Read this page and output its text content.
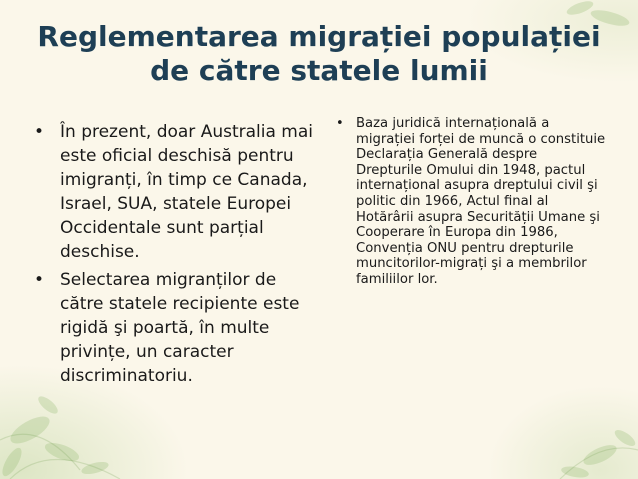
Reglementarea migrației populației
de către statele lumii
• În prezent, doar Australia mai este oficial deschisă pentru imigranți, în timp ce Canada, Israel, SUA, statele Europei Occidentale sunt parțial deschise.
• Selectarea migranților de către statele recipiente este rigidă şi poartă, în multe privințe, un caracter discriminatoriu.
• Baza juridică internațională a migrației forței de muncă o constituie Declarația Generală despre Drepturile Omului din 1948, pactul internațional asupra dreptului civil şi politic din 1966, Actul final al Hotărârii asupra Securității Umane şi Cooperare în Europa din 1986, Convenția ONU pentru drepturile muncitorilor-migrați şi a membrilor familiilor lor.
